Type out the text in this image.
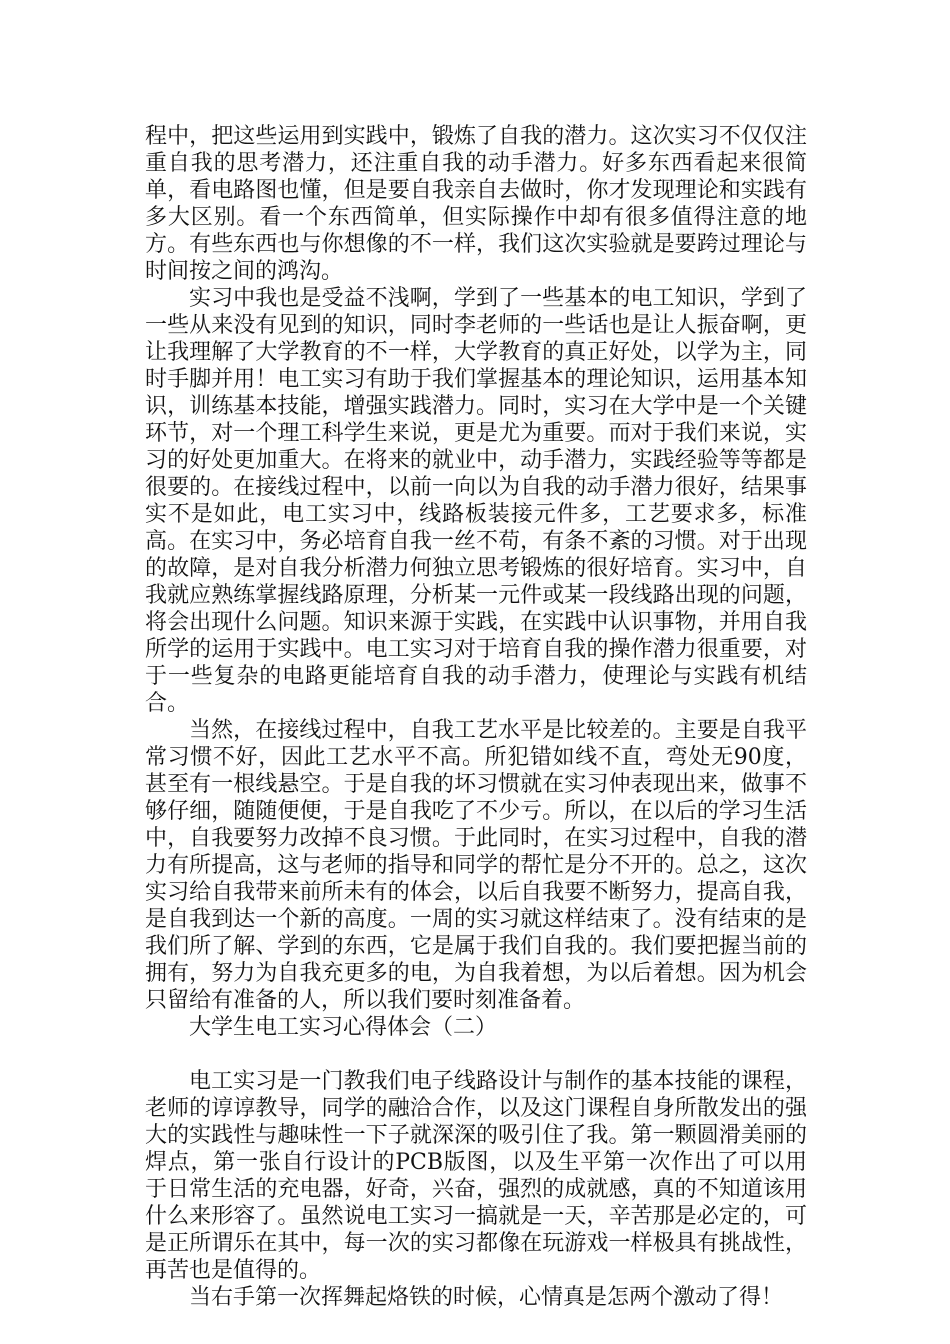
程中，把这些运用到实践中，锻炼了自我的潜力。这次实习不仅仅注重自我的思考潜力，还注重自我的动手潜力。好多东西看起来很简单，看电路图也懂，但是要自我亲自去做时，你才发现理论和实践有多大区别。看一个东西简单，但实际操作中却有很多值得注意的地方。有些东西也与你想像的不一样，我们这次实验就是要跨过理论与时间按之间的鸿沟。

实习中我也是受益不浅啊，学到了一些基本的电工知识，学到了一些从来没有见到的知识，同时李老师的一些话也是让人振奋啊，更让我理解了大学教育的不一样，大学教育的真正好处，以学为主，同时手脚并用！电工实习有助于我们掌握基本的理论知识，运用基本知识，训练基本技能，增强实践潜力。同时，实习在大学中是一个关键环节，对一个理工科学生来说，更是尤为重要。而对于我们来说，实习的好处更加重大。在将来的就业中，动手潜力，实践经验等等都是很要的。在接线过程中，以前一向以为自我的动手潜力很好，结果事实不是如此，电工实习中，线路板装接元件多，工艺要求多，标准高。在实习中，务必培育自我一丝不苟，有条不紊的习惯。对于出现的故障，是对自我分析潜力何独立思考锻炼的很好培育。实习中，自我就应熟练掌握线路原理，分析某一元件或某一段线路出现的问题，将会出现什么问题。知识来源于实践，在实践中认识事物，并用自我所学的运用于实践中。电工实习对于培育自我的操作潜力很重要，对于一些复杂的电路更能培育自我的动手潜力，使理论与实践有机结合。

当然，在接线过程中，自我工艺水平是比较差的。主要是自我平常习惯不好，因此工艺水平不高。所犯错如线不直，弯处无90度，甚至有一根线悬空。于是自我的坏习惯就在实习仲表现出来，做事不够仔细，随随便便，于是自我吃了不少亏。所以，在以后的学习生活中，自我要努力改掉不良习惯。于此同时，在实习过程中，自我的潜力有所提高，这与老师的指导和同学的帮忙是分不开的。总之，这次实习给自我带来前所未有的体会，以后自我要不断努力，提高自我，是自我到达一个新的高度。一周的实习就这样结束了。没有结束的是我们所了解、学到的东西，它是属于我们自我的。我们要把握当前的拥有，努力为自我充更多的电，为自我着想，为以后着想。因为机会只留给有准备的人，所以我们要时刻准备着。

大学生电工实习心得体会（二）

电工实习是一门教我们电子线路设计与制作的基本技能的课程，老师的谆谆教导，同学的融洽合作，以及这门课程自身所散发出的强大的实践性与趣味性一下子就深深的吸引住了我。第一颗圆滑美丽的焊点，第一张自行设计的PCB版图，以及生平第一次作出了可以用于日常生活的充电器，好奇，兴奋，强烈的成就感，真的不知道该用什么来形容了。虽然说电工实习一搞就是一天，辛苦那是必定的，可是正所谓乐在其中，每一次的实习都像在玩游戏一样极具有挑战性，再苦也是值得的。

当右手第一次挥舞起烙铁的时候，心情真是怎两个激动了得！
